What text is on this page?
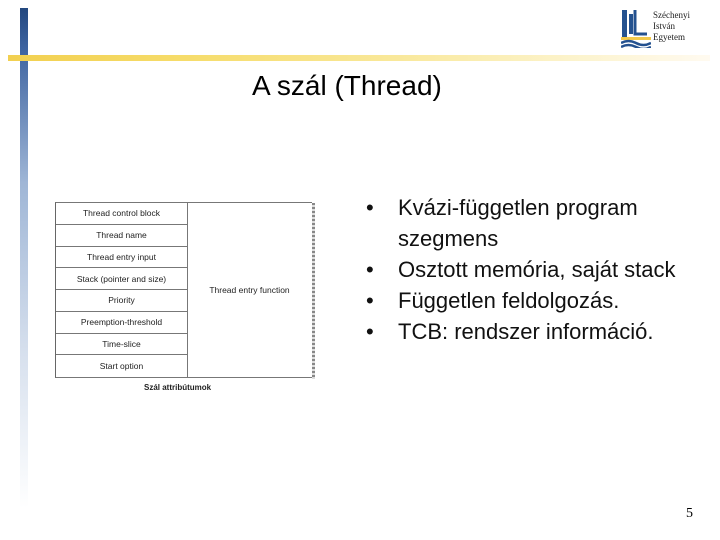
Széchenyi
István
Egyetem
A szál (Thread)
Thread control block
Thread name
Thread entry input
Stack (pointer and size)
Priority
Preemption-threshold
Time-slice
Start option
Thread entry function
Szál attribútumok
• Kvázi-független program szegmens
• Osztott memória, saját stack
• Független feldolgozás.
• TCB: rendszer információ.
5
